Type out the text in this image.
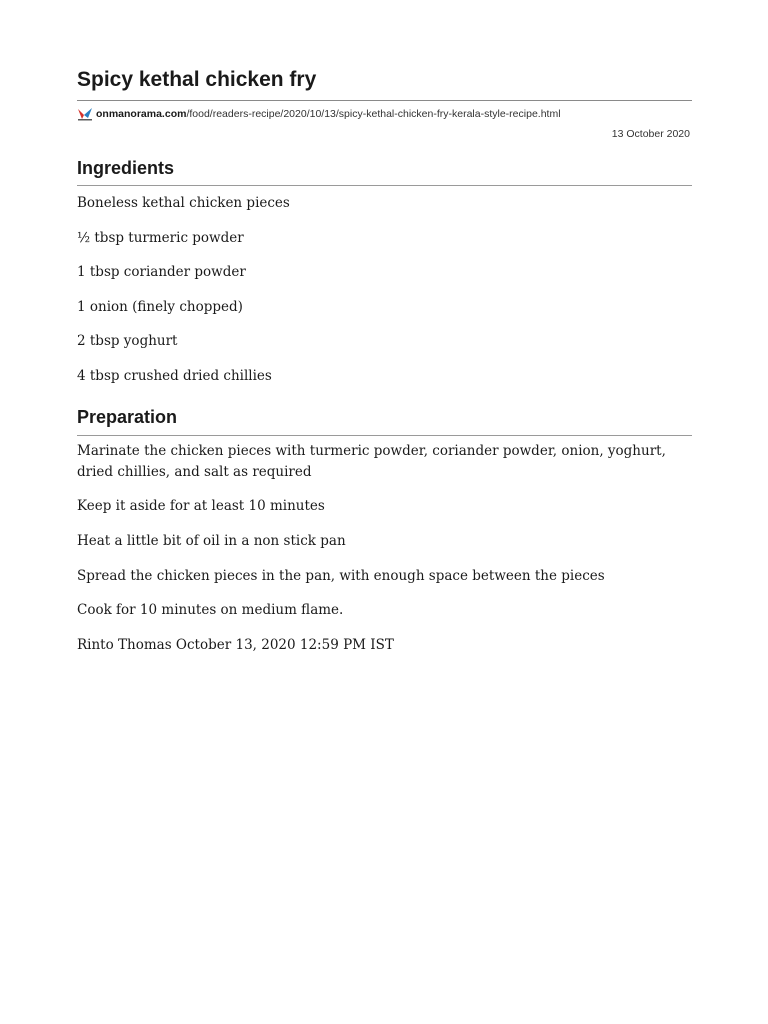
Spicy kethal chicken fry
onmanorama.com /food/readers-recipe/2020/10/13/spicy-kethal-chicken-fry-kerala-style-recipe.html
13 October 2020
Ingredients

Boneless kethal chicken pieces

½ tbsp turmeric powder

1 tbsp coriander powder

1 onion (finely chopped)

2 tbsp yoghurt

4 tbsp crushed dried chillies

Preparation

Marinate the chicken pieces with turmeric powder, coriander powder, onion, yoghurt, dried chillies, and salt as required

Keep it aside for at least 10 minutes

Heat a little bit of oil in a non stick pan

Spread the chicken pieces in the pan, with enough space between the pieces

Cook for 10 minutes on medium flame.

Rinto Thomas October 13, 2020 12:59 PM IST
